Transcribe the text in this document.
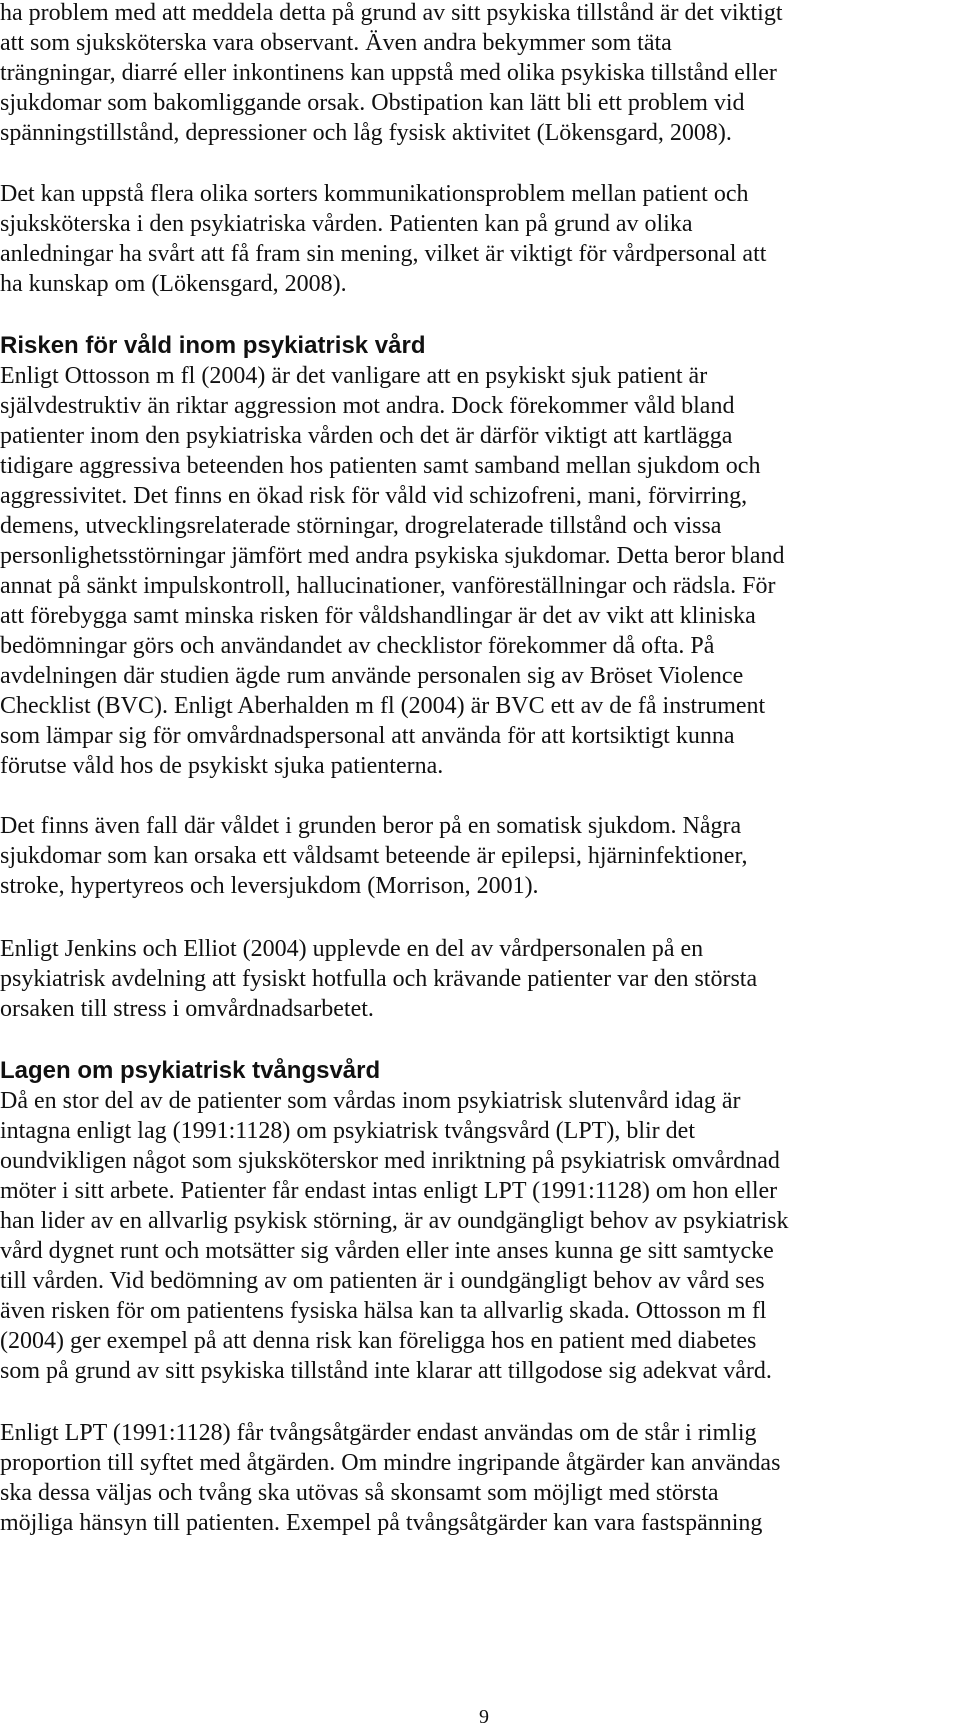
ha problem med att meddela detta på grund av sitt psykiska tillstånd är det viktigt
att som sjuksköterska vara observant. Även andra bekymmer som täta
trängningar, diarré eller inkontinens kan uppstå med olika psykiska tillstånd eller
sjukdomar som bakomliggande orsak. Obstipation kan lätt bli ett problem vid
spänningstillstånd, depressioner och låg fysisk aktivitet (Lökensgard, 2008).
Det kan uppstå flera olika sorters kommunikationsproblem mellan patient och
sjuksköterska i den psykiatriska vården. Patienten kan på grund av olika
anledningar ha svårt att få fram sin mening, vilket är viktigt för vårdpersonal att
ha kunskap om (Lökensgard, 2008).
Risken för våld inom psykiatrisk vård
Enligt Ottosson m fl (2004) är det vanligare att en psykiskt sjuk patient är
självdestruktiv än riktar aggression mot andra. Dock förekommer våld bland
patienter inom den psykiatriska vården och det är därför viktigt att kartlägga
tidigare aggressiva beteenden hos patienten samt samband mellan sjukdom och
aggressivitet. Det finns en ökad risk för våld vid schizofreni, mani, förvirring,
demens, utvecklingsrelaterade störningar, drogrelaterade tillstånd och vissa
personlighetsstörningar jämfört med andra psykiska sjukdomar. Detta beror bland
annat på sänkt impulskontroll, hallucinationer, vanföreställningar och rädsla. För
att förebygga samt minska risken för våldshandlingar är det av vikt att kliniska
bedömningar görs och användandet av checklistor förekommer då ofta. På
avdelningen där studien ägde rum använde personalen sig av Bröset Violence
Checklist (BVC). Enligt Aberhalden m fl (2004) är BVC ett av de få instrument
som lämpar sig för omvårdnadspersonal att använda för att kortsiktigt kunna
förutse våld hos de psykiskt sjuka patienterna.
Det finns även fall där våldet i grunden beror på en somatisk sjukdom. Några
sjukdomar som kan orsaka ett våldsamt beteende är epilepsi, hjärninfektioner,
stroke, hypertyreos och leversjukdom (Morrison, 2001).
Enligt Jenkins och Elliot (2004) upplevde en del av vårdpersonalen på en
psykiatrisk avdelning att fysiskt hotfulla och krävande patienter var den största
orsaken till stress i omvårdnadsarbetet.
Lagen om psykiatrisk tvångsvård
Då en stor del av de patienter som vårdas inom psykiatrisk slutenvård idag är
intagna enligt lag (1991:1128) om psykiatrisk tvångsvård (LPT), blir det
oundvikligen något som sjuksköterskor med inriktning på psykiatrisk omvårdnad
möter i sitt arbete. Patienter får endast intas enligt LPT (1991:1128) om hon eller
han lider av en allvarlig psykisk störning, är av oundgängligt behov av psykiatrisk
vård dygnet runt och motsätter sig vården eller inte anses kunna ge sitt samtycke
till vården. Vid bedömning av om patienten är i oundgängligt behov av vård ses
även risken för om patientens fysiska hälsa kan ta allvarlig skada. Ottosson m fl
(2004) ger exempel på att denna risk kan föreligga hos en patient med diabetes
som på grund av sitt psykiska tillstånd inte klarar att tillgodose sig adekvat vård.
Enligt LPT (1991:1128) får tvångsåtgärder endast användas om de står i rimlig
proportion till syftet med åtgärden. Om mindre ingripande åtgärder kan användas
ska dessa väljas och tvång ska utövas så skonsamt som möjligt med största
möjliga hänsyn till patienten. Exempel på tvångsåtgärder kan vara fastspänning
9
